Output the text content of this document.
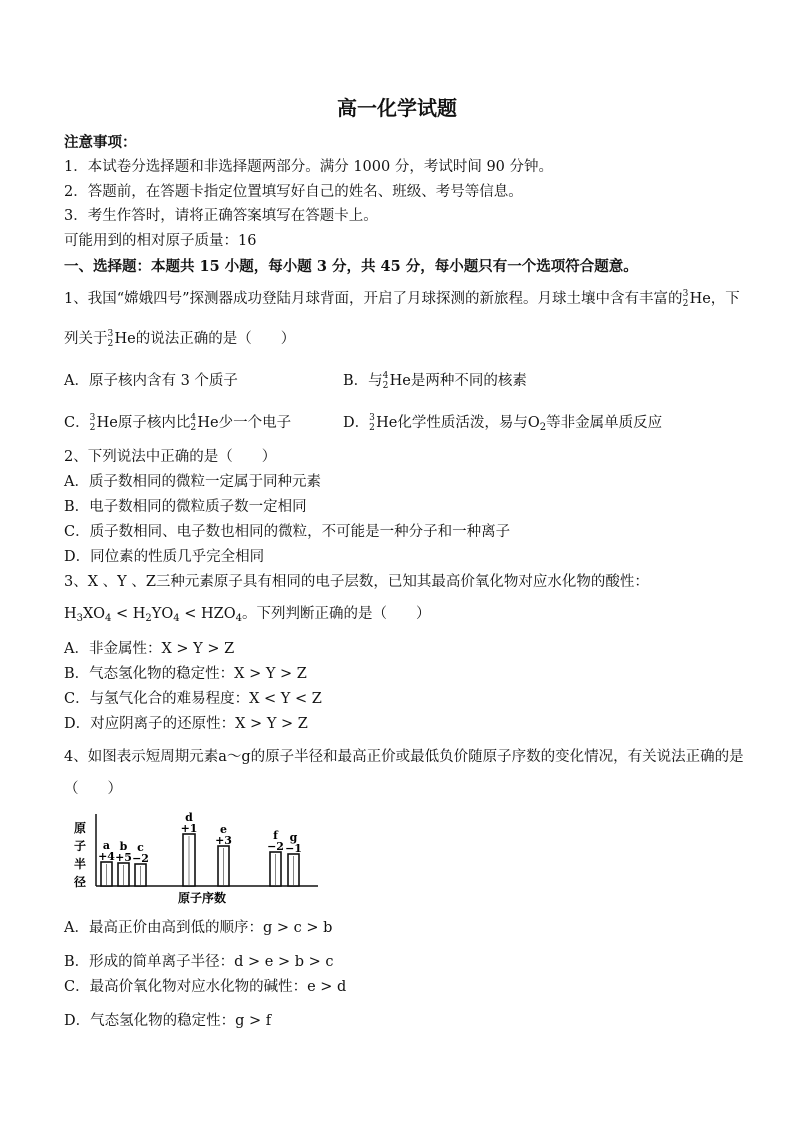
高一化学试题
注意事项：
1．本试卷分选择题和非选择题两部分。满分 1000 分，考试时间 90 分钟。
2．答题前，在答题卡指定位置填写好自己的姓名、班级、考号等信息。
3．考生作答时，请将正确答案填写在答题卡上。
可能用到的相对原子质量：16
一、选择题：本题共 15 小题，每小题 3 分，共 45 分，每小题只有一个选项符合题意。
1、我国“嫦娥四号”探测器成功登陆月球背面，开启了月球探测的新旅程。月球土壤中含有丰富的 3
2 He，下
列关于 3
2 He的说法正确的是（　　）
A．原子核内含有 3 个质子	B．与 4
2 He是两种不同的核素
C． 3
2 He原子核内比 4
2 He少一个电子	D． 3
2 He化学性质活泼，易与$O_2$等非金属单质反应
2、下列说法中正确的是（　　）
A．质子数相同的微粒一定属于同种元素
B．电子数相同的微粒质子数一定相同
C．质子数相同、电子数也相同的微粒，不可能是一种分子和一种离子
D．同位素的性质几乎完全相同
3、X 、Y 、Z三种元素原子具有相同的电子层数，已知其最高价氧化物对应水化物的酸性：
$H_3XO_4 < H_2YO_4 < HZO_4$。下列判断正确的是（　　）
A．非金属性：X > Y > Z
B．气态氢化物的稳定性：X > Y > Z
C．与氢气化合的难易程度：X < Y < Z
D．对应阴离子的还原性：X > Y > Z
4、如图表示短周期元素a～g的原子半径和最高正价或最低负价随原子序数的变化情况，有关说法正确的是
（　　）
原
子
半
径
原子序数
a
+4
b
+5
c
−2
d
+1 e
+3	f
−2
g
−1
A．最高正价由高到低的顺序：g > c > b
B．形成的简单离子半径：d > e > b > c
C．最高价氧化物对应水化物的碱性：e > d
D．气态氢化物的稳定性：g > f
